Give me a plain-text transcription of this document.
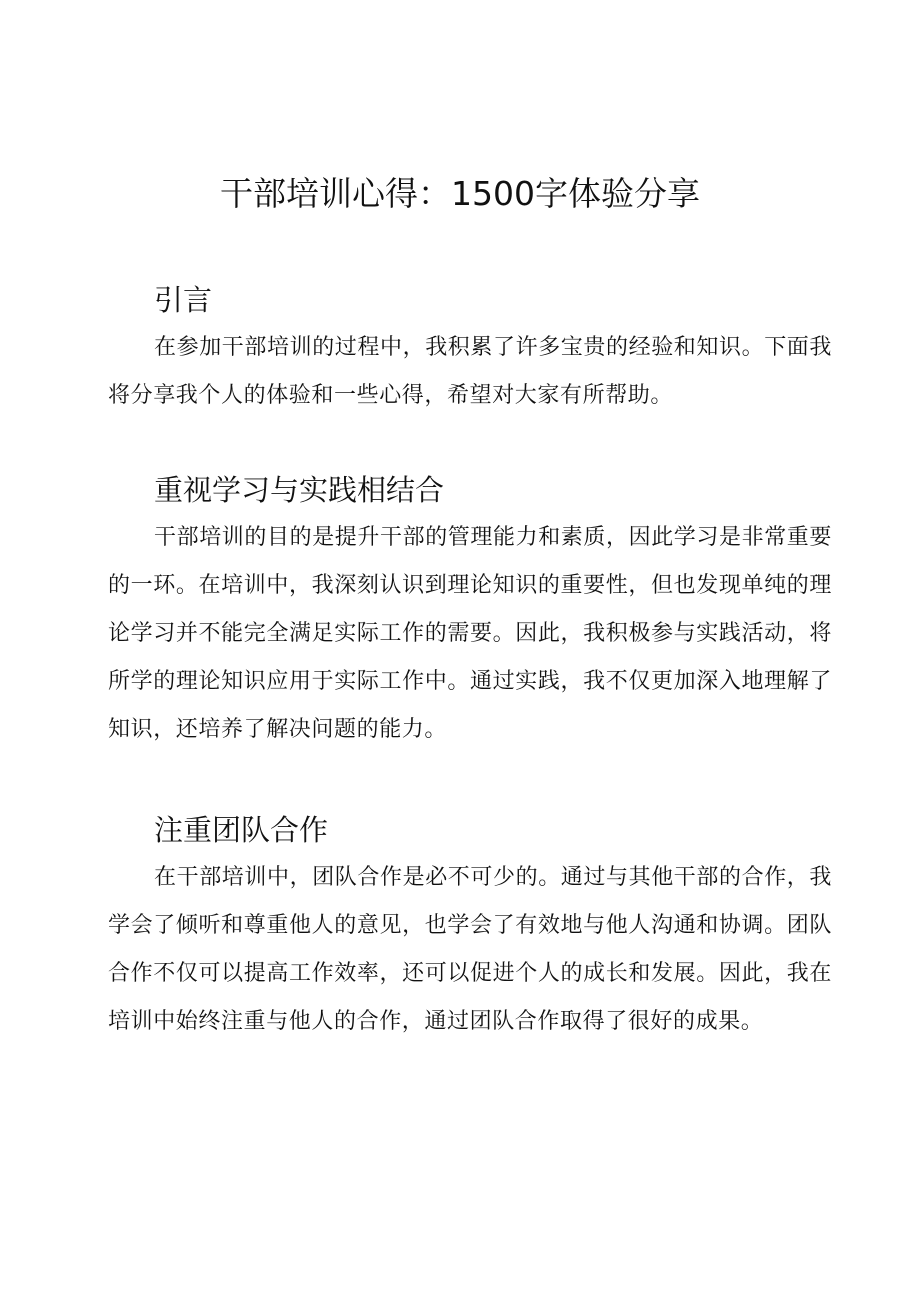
干部培训心得：1500字体验分享
引言

在参加干部培训的过程中，我积累了许多宝贵的经验和知识。下面我将分享我个人的体验和一些心得，希望对大家有所帮助。

重视学习与实践相结合

干部培训的目的是提升干部的管理能力和素质，因此学习是非常重要的一环。在培训中，我深刻认识到理论知识的重要性，但也发现单纯的理论学习并不能完全满足实际工作的需要。因此，我积极参与实践活动，将所学的理论知识应用于实际工作中。通过实践，我不仅更加深入地理解了知识，还培养了解决问题的能力。

注重团队合作

在干部培训中，团队合作是必不可少的。通过与其他干部的合作，我学会了倾听和尊重他人的意见，也学会了有效地与他人沟通和协调。团队合作不仅可以提高工作效率，还可以促进个人的成长和发展。因此，我在培训中始终注重与他人的合作，通过团队合作取得了很好的成果。
